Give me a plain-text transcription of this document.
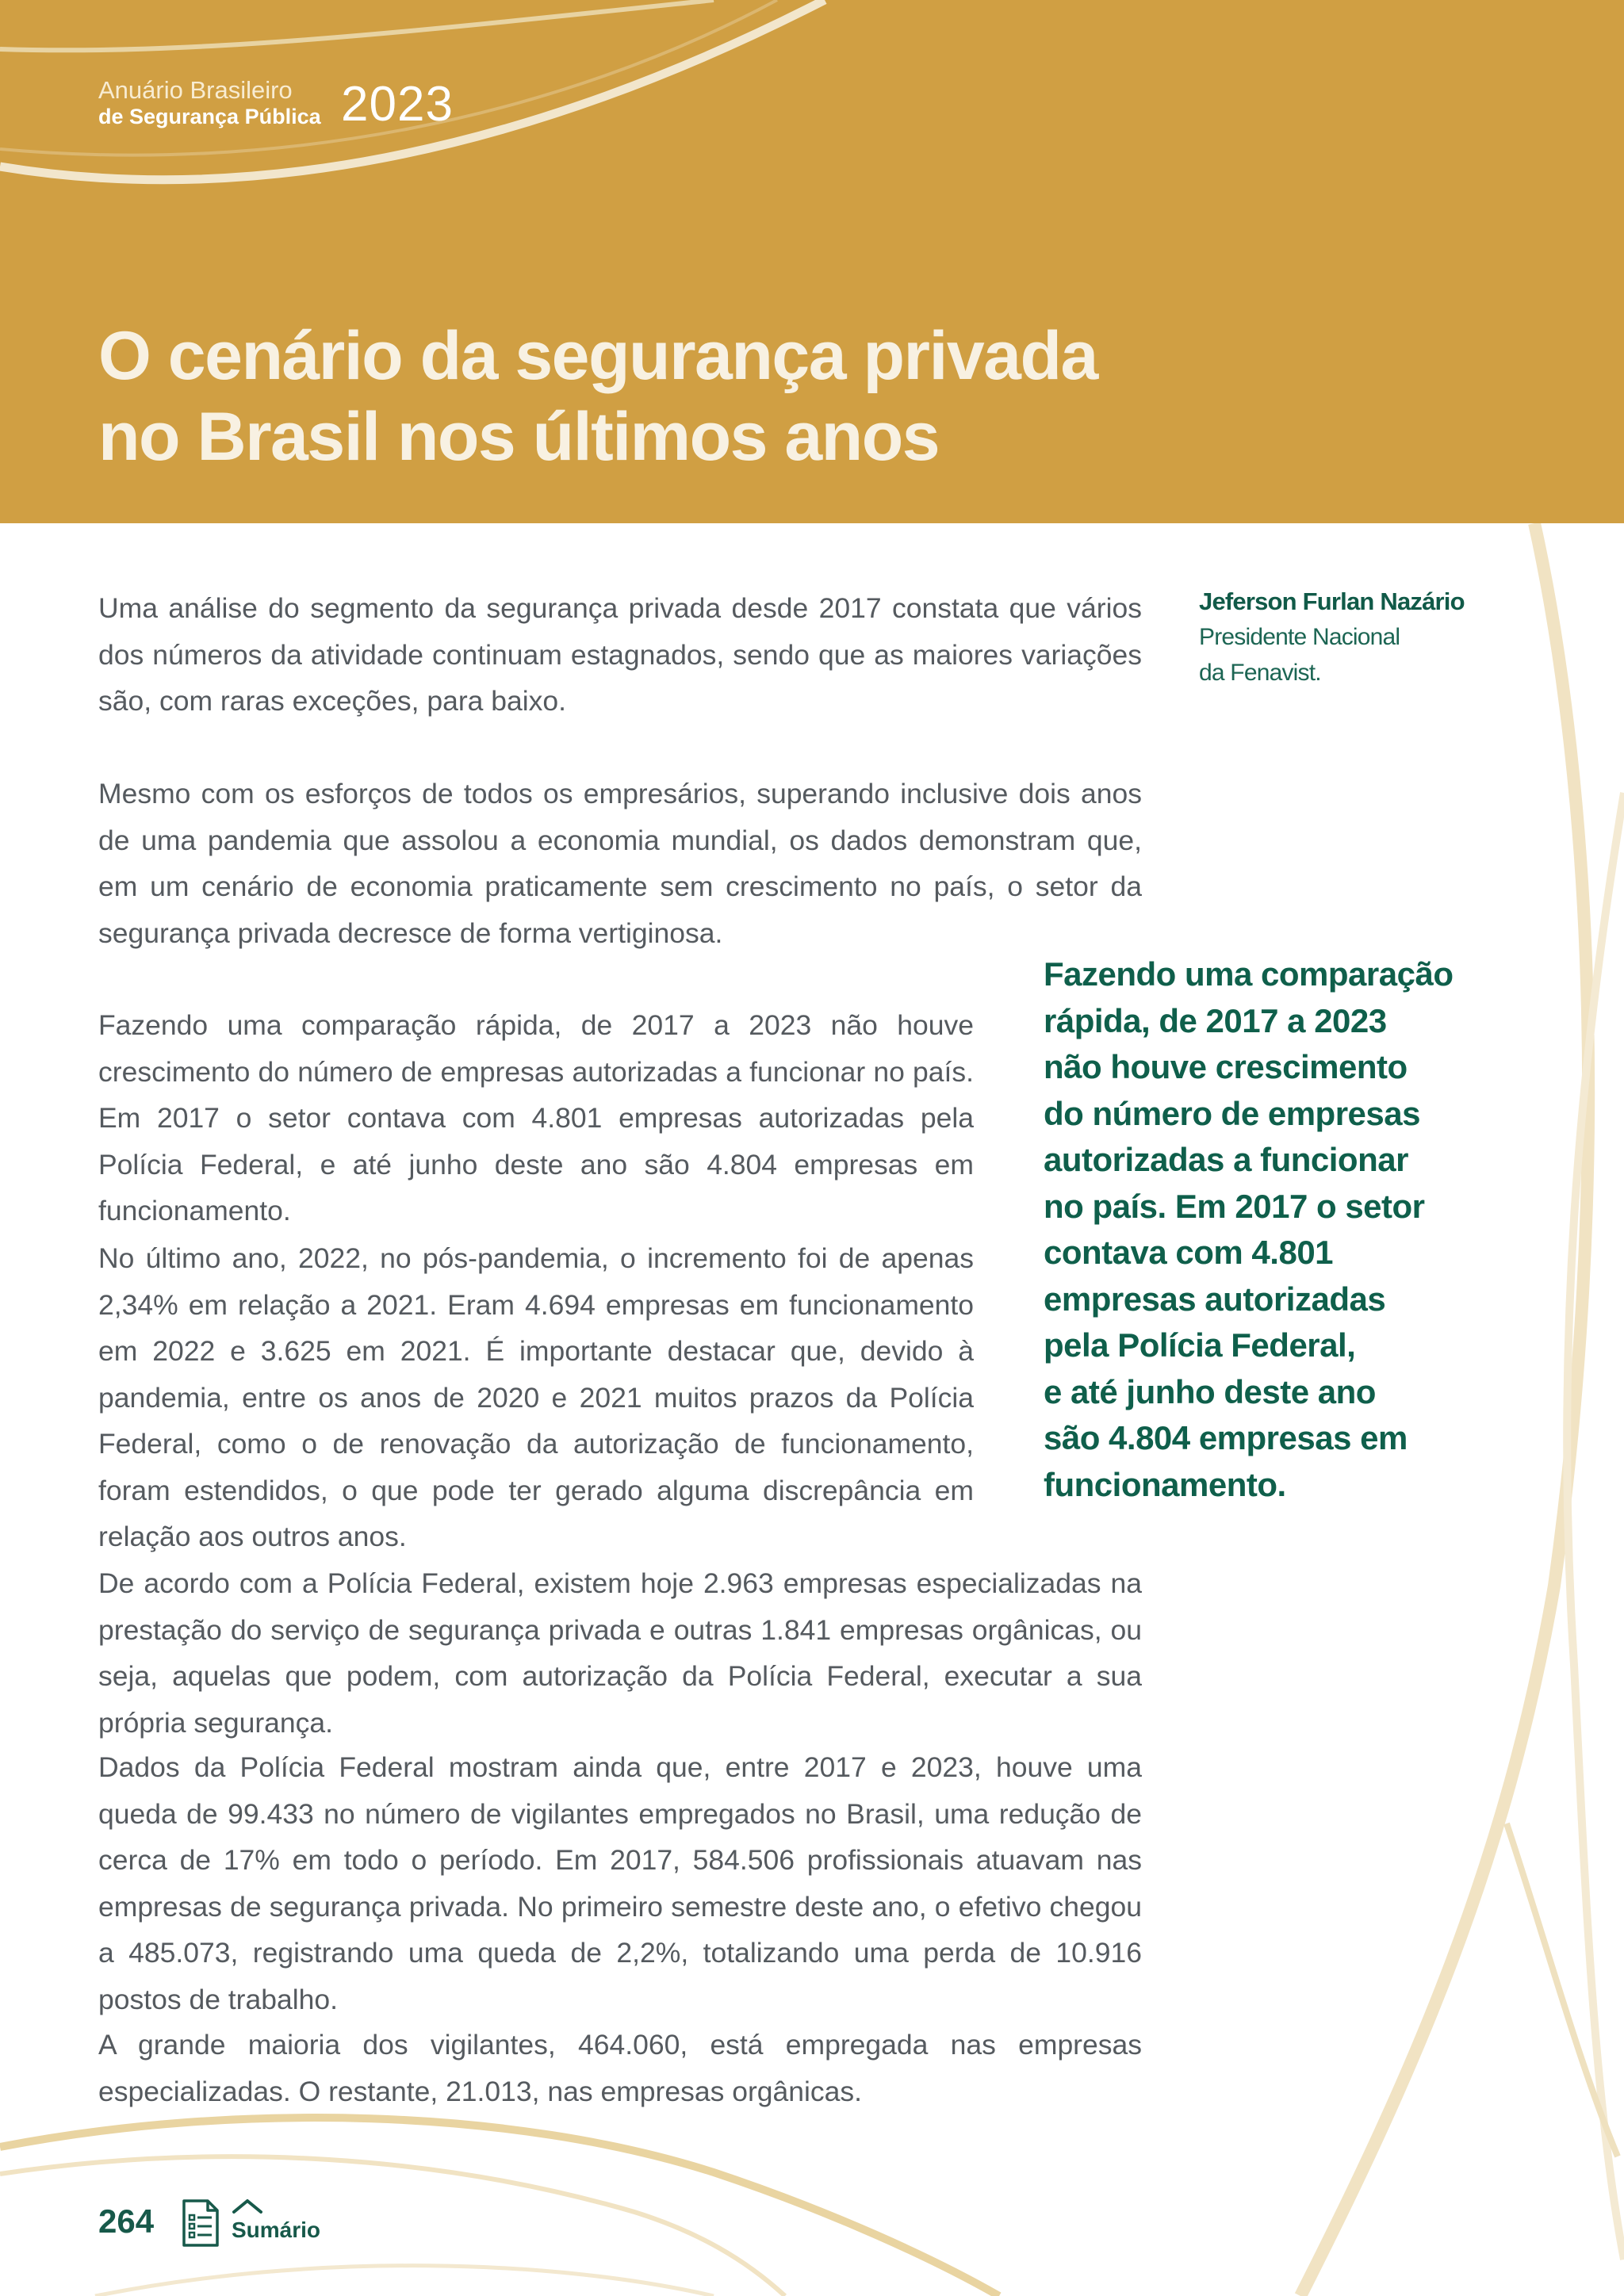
Anuário Brasileiro
de Segurança Pública 2023
O cenário da segurança privada
no Brasil nos últimos anos
Jeferson Furlan Nazário
Presidente Nacional da Fenavist.

Uma análise do segmento da segurança privada desde 2017 constata que vários dos números da atividade continuam estagnados, sendo que as maiores variações são, com raras exceções, para baixo.

Mesmo com os esforços de todos os empresários, superando inclusive dois anos de uma pandemia que assolou a economia mundial, os dados demonstram que, em um cenário de economia praticamente sem crescimento no país, o setor da segurança privada decresce de forma vertiginosa.

Fazendo uma comparação rápida, de 2017 a 2023 não houve crescimento do número de empresas autorizadas a funcionar no país. Em 2017 o setor contava com 4.801 empresas autorizadas pela Polícia Federal, e até junho deste ano são 4.804 empresas em funcionamento.

No último ano, 2022, no pós-pandemia, o incremento foi de apenas 2,34% em relação a 2021. Eram 4.694 empresas em funcionamento em 2022 e 3.625 em 2021. É importante destacar que, devido à pandemia, entre os anos de 2020 e 2021 muitos prazos da Polícia Federal, como o de renovação da autorização de funcionamento, foram estendidos, o que pode ter gerado alguma discrepância em relação aos outros anos.

De acordo com a Polícia Federal, existem hoje 2.963 empresas especializadas na prestação do serviço de segurança privada e outras 1.841 empresas orgânicas, ou seja, aquelas que podem, com autorização da Polícia Federal, executar a sua própria segurança.

Dados da Polícia Federal mostram ainda que, entre 2017 e 2023, houve uma queda de 99.433 no número de vigilantes empregados no Brasil, uma redução de cerca de 17% em todo o período. Em 2017, 584.506 profissionais atuavam nas empresas de segurança privada. No primeiro semestre deste ano, o efetivo chegou a 485.073, registrando uma queda de 2,2%, totalizando uma perda de 10.916 postos de trabalho.

A grande maioria dos vigilantes, 464.060, está empregada nas empresas especializadas. O restante, 21.013, nas empresas orgânicas.

Fazendo uma comparação
rápida, de 2017 a 2023
não houve crescimento
do número de empresas
autorizadas a funcionar
no país. Em 2017 o setor
contava com 4.801
empresas autorizadas
pela Polícia Federal,
e até junho deste ano
são 4.804 empresas em
funcionamento.
264	Sumário
